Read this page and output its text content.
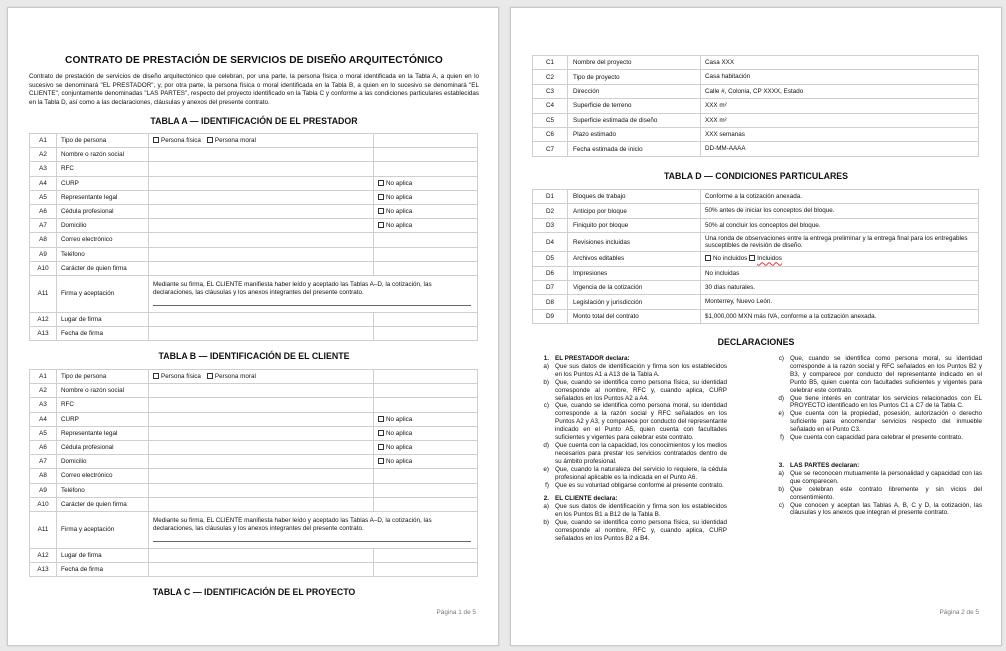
CONTRATO DE PRESTACIÓN DE SERVICIOS DE DISEÑO ARQUITECTÓNICO
Contrato de prestación de servicios de diseño arquitectónico que celebran, por una parte, la persona física o moral identificada en la Tabla A, a quien en lo sucesivo se denominará "EL PRESTADOR", y, por otra parte, la persona física o moral identificada en la Tabla B, a quien en lo sucesivo se denominará "EL CLIENTE", conjuntamente denominadas "LAS PARTES", respecto del proyecto identificado en la Tabla C y conforme a las condiciones particulares establecidas en la Tabla D, así como a las declaraciones, cláusulas y anexos del presente contrato.
TABLA A — IDENTIFICACIÓN DE EL PRESTADOR
A1	Tipo de persona	Persona física Persona moral	
A2	Nombre o razón social		
A3	RFC		
A4	CURP		No aplica
A5	Representante legal		No aplica
A6	Cédula profesional		No aplica
A7	Domicilio		No aplica
A8	Correo electrónico		
A9	Teléfono		
A10	Carácter de quien firma		
A11	Firma y aceptación	Mediante su firma, EL CLIENTE manifiesta haber leído y aceptado las Tablas A–D, la cotización, las declaraciones, las cláusulas y los anexos integrantes del presente contrato.	

A12	Lugar de firma		
A13	Fecha de firma		
TABLA B — IDENTIFICACIÓN DE EL CLIENTE
A1	Tipo de persona	Persona física Persona moral	
A2	Nombre o razón social		
A3	RFC		
A4	CURP		No aplica
A5	Representante legal		No aplica
A6	Cédula profesional		No aplica
A7	Domicilio		No aplica
A8	Correo electrónico		
A9	Teléfono		
A10	Carácter de quien firma		
A11	Firma y aceptación	Mediante su firma, EL CLIENTE manifiesta haber leído y aceptado las Tablas A–D, la cotización, las declaraciones, las cláusulas y los anexos integrantes del presente contrato.	

A12	Lugar de firma		
A13	Fecha de firma		
TABLA C — IDENTIFICACIÓN DE EL PROYECTO
Página 1 de 5
C1	Nombre del proyecto	Casa XXX
C2	Tipo de proyecto	Casa habitación
C3	Dirección	Calle #, Colonia, CP XXXX, Estado
C4	Superficie de terreno	XXX m²
C5	Superficie estimada de diseño	XXX m²
C6	Plazo estimado	XXX semanas
C7	Fecha estimada de inicio	DD-MM-AAAA
TABLA D — CONDICIONES PARTICULARES
D1	Bloques de trabajo	Conforme a la cotización anexada.
D2	Anticipo por bloque	50% antes de iniciar los conceptos del bloque.
D3	Finiquito por bloque	50% al concluir los conceptos del bloque.
D4	Revisiones incluidas	Una ronda de observaciones entre la entrega preliminar y la entrega final para los entregables susceptibles de revisión de diseño.
D5	Archivos editables	No incluidos Incluidos
D6	Impresiones	No incluidas
D7	Vigencia de la cotización	30 días naturales.
D8	Legislación y jurisdicción	Monterrey, Nuevo León.
D9	Monto total del contrato	$1,000,000 MXN más IVA, conforme a la cotización anexada.
DECLARACIONES
1. EL PRESTADOR declara:
a) Que sus datos de identificación y firma son los establecidos en los Puntos A1 a A13 de la Tabla A.
b) Que, cuando se identifica como persona física, su identidad corresponde al nombre, RFC y, cuando aplica, CURP señalados en los Puntos A2 a A4.
c) Que, cuando se identifica como persona moral, su identidad corresponde a la razón social y RFC señalados en los Puntos A2 y A3, y comparece por conducto del representante indicado en el Punto A5, quien cuenta con facultades suficientes y vigentes para celebrar este contrato.
d) Que cuenta con la capacidad, los conocimientos y los medios necesarios para prestar los servicios contratados dentro de su ámbito profesional.
e) Que, cuando la naturaleza del servicio lo requiere, la cédula profesional aplicable es la indicada en el Punto A6.
f) Que es su voluntad obligarse conforme al presente contrato.
2. EL CLIENTE declara:
a) Que sus datos de identificación y firma son los establecidos en los Puntos B1 a B12 de la Tabla B.
b) Que, cuando se identifica como persona física, su identidad corresponde al nombre, RFC y, cuando aplica, CURP señalados en los Puntos B2 a B4.
c) Que, cuando se identifica como persona moral, su identidad corresponde a la razón social y RFC señalados en los Puntos B2 y B3, y comparece por conducto del representante indicado en el Punto B5, quien cuenta con facultades suficientes y vigentes para celebrar este contrato.
d) Que tiene interés en contratar los servicios relacionados con EL PROYECTO identificado en los Puntos C1 a C7 de la Tabla C.
e) Que cuenta con la propiedad, posesión, autorización o derecho suficiente para encomendar servicios respecto del inmueble señalado en el Punto C3.
f) Que cuenta con capacidad para celebrar el presente contrato.
3. LAS PARTES declaran:
a) Que se reconocen mutuamente la personalidad y capacidad con las que comparecen.
b) Que celebran este contrato libremente y sin vicios del consentimiento.
c) Que conocen y aceptan las Tablas A, B, C y D, la cotización, las cláusulas y los anexos que integran el presente contrato.
Página 2 de 5
